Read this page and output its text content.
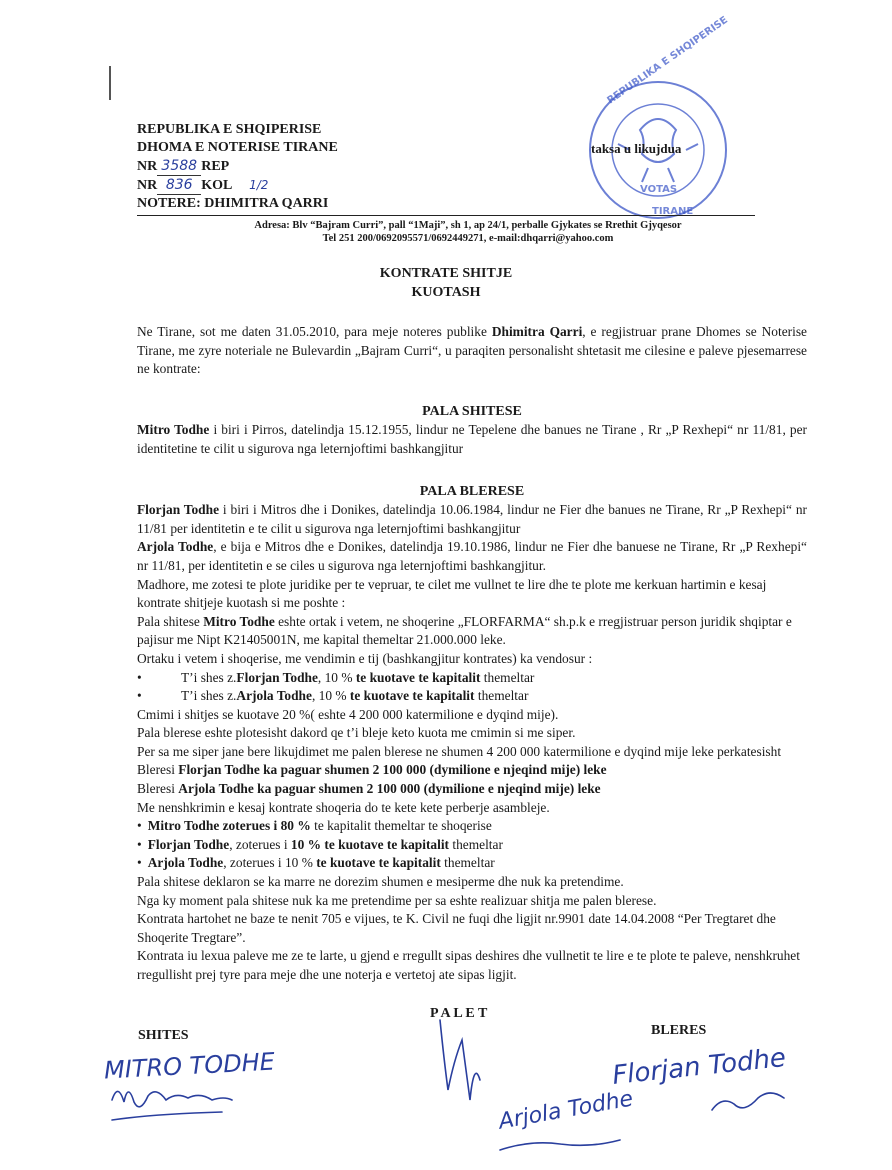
REPUBLIKA E SHQIPERISE
DHOMA E NOTERISE TIRANE
NR 3588 REP
NR 836 KOL 1/2
NOTERE: DHIMITRA QARRI
REPUBLIKA E SHQIPERISE
VOTAS
TIRANE
taksa u likujdua
Adresa: Blv “Bajram Curri”, pall “1Maji”, sh 1, ap 24/1, perballe Gjykates se Rrethit Gjyqesor
Tel 251 200/0692095571/0692449271, e-mail:dhqarri@yahoo.com
KONTRATE SHITJE
KUOTASH

Ne Tirane, sot me daten 31.05.2010, para meje noteres publike Dhimitra Qarri, e regjistruar prane Dhomes se Noterise Tirane, me zyre noteriale ne Bulevardin „Bajram Curri“, u paraqiten personalisht shtetasit me cilesine e paleve pjesemarrese ne kontrate:

PALA SHITESE

Mitro Todhe i biri i Pirros, datelindja 15.12.1955, lindur ne Tepelene dhe banues ne Tirane , Rr „P Rexhepi“ nr 11/81, per identitetine te cilit u sigurova nga leternjoftimi bashkangjitur

PALA BLERESE

Florjan Todhe i biri i Mitros dhe i Donikes, datelindja 10.06.1984, lindur ne Fier dhe banues ne Tirane, Rr „P Rexhepi“ nr 11/81 per identitetin e te cilit u sigurova nga leternjoftimi bashkangjitur

Arjola Todhe, e bija e Mitros dhe e Donikes, datelindja 19.10.1986, lindur ne Fier dhe banuese ne Tirane, Rr „P Rexhepi“ nr 11/81, per identitetin e se ciles u sigurova nga leternjoftimi bashkangjitur.

Madhore, me zotesi te plote juridike per te vepruar, te cilet me vullnet te lire dhe te plote me kerkuan hartimin e kesaj kontrate shitjeje kuotash si me poshte :

Pala shitese Mitro Todhe eshte ortak i vetem, ne shoqerine „FLORFARMA“ sh.p.k e rregjistruar person juridik shqiptar e pajisur me Nipt K21405001N, me kapital themeltar 21.000.000 leke.

Ortaku i vetem i shoqerise, me vendimin e tij (bashkangjitur kontrates) ka vendosur :

•	T’i shes z.Florjan Todhe, 10 % te kuotave te kapitalit themeltar

•	T’i shes z.Arjola Todhe, 10 % te kuotave te kapitalit themeltar

Cmimi i shitjes se kuotave 20 %( eshte 4 200 000 katermilione e dyqind mije).

Pala blerese eshte plotesisht dakord qe t’i bleje keto kuota me cmimin si me siper.

Per sa me siper jane bere likujdimet me palen blerese ne shumen 4 200 000 katermilione e dyqind mije leke perkatesisht

Bleresi Florjan Todhe ka paguar shumen 2 100 000 (dymilione e njeqind mije) leke

Bleresi Arjola Todhe ka paguar shumen 2 100 000 (dymilione e njeqind mije) leke

Me nenshkrimin e kesaj kontrate shoqeria do te kete kete perberje asambleje.

• Mitro Todhe zoterues i 80 % te kapitalit themeltar te shoqerise

• Florjan Todhe, zoterues i 10 % te kuotave te kapitalit themeltar

• Arjola Todhe, zoterues i 10 % te kuotave te kapitalit themeltar

Pala shitese deklaron se ka marre ne dorezim shumen e mesiperme dhe nuk ka pretendime.

Nga ky moment pala shitese nuk ka me pretendime per sa eshte realizuar shitja me palen blerese.

Kontrata hartohet ne baze te nenit 705 e vijues, te K. Civil ne fuqi dhe ligjit nr.9901 date 14.04.2008 “Per Tregtaret dhe Shoqerite Tregtare”.

Kontrata iu lexua paleve me ze te larte, u gjend e rregullt sipas deshires dhe vullnetit te lire e te plote te paleve, nenshkruhet rregullisht prej tyre para meje dhe une noterja e vertetoj ate sipas ligjit.

P A L E T
SHITES	BLERES
MITRO TODHE	Florjan Todhe
Arjola Todhe
